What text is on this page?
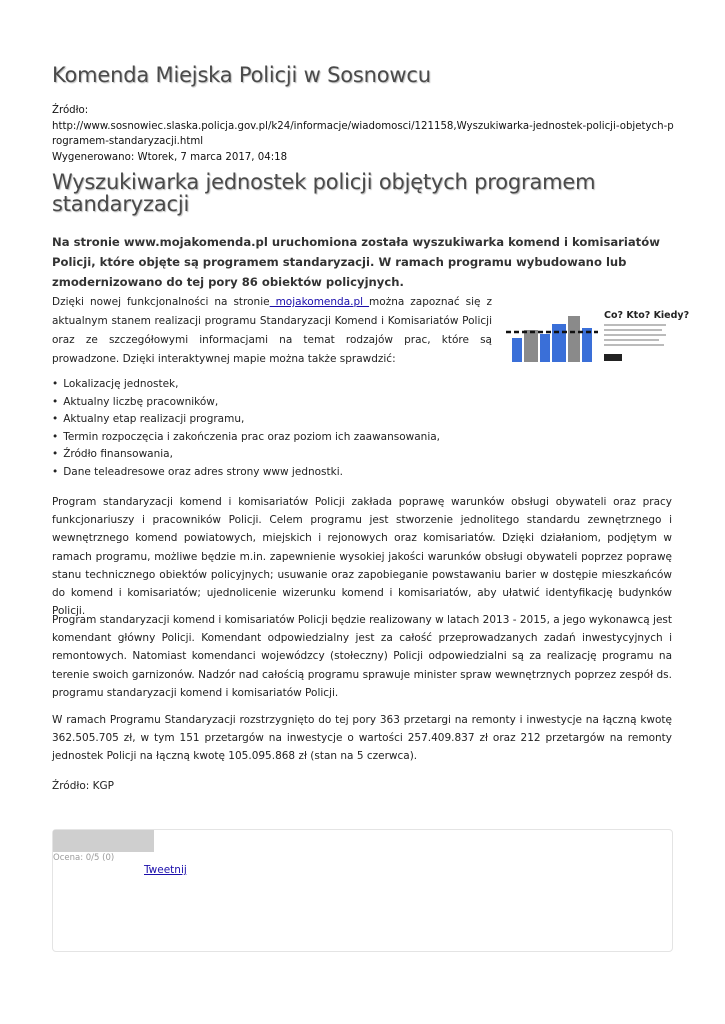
Komenda Miejska Policji w Sosnowcu
Źródło:
http://www.sosnowiec.slaska.policja.gov.pl/k24/informacje/wiadomosci/121158,Wyszukiwarka-jednostek-policji-objetych-programem-standaryzacji.html
Wygenerowano: Wtorek, 7 marca 2017, 04:18
Wyszukiwarka jednostek policji objętych programem standaryzacji

Na stronie www.mojakomenda.pl uruchomiona została wyszukiwarka komend i komisariatów Policji, które objęte są programem standaryzacji. W ramach programu wybudowano lub zmodernizowano do tej pory 86 obiektów policyjnych.

Co? Kto? Kiedy?

Dzięki nowej funkcjonalności na stronie mojakomenda.pl można zapoznać się z aktualnym stanem realizacji programu Standaryzacji Komend i Komisariatów Policji oraz ze szczegółowymi informacjami na temat rodzajów prac, które są prowadzone. Dzięki interaktywnej mapie można także sprawdzić:

• Lokalizację jednostek,
• Aktualny liczbę pracowników,
• Aktualny etap realizacji programu,
• Termin rozpoczęcia i zakończenia prac oraz poziom ich zaawansowania,
• Źródło finansowania,
• Dane teleadresowe oraz adres strony www jednostki.

Program standaryzacji komend i komisariatów Policji zakłada poprawę warunków obsługi obywateli oraz pracy funkcjonariuszy i pracowników Policji. Celem programu jest stworzenie jednolitego standardu zewnętrznego i wewnętrznego komend powiatowych, miejskich i rejonowych oraz komisariatów. Dzięki działaniom, podjętym w ramach programu, możliwe będzie m.in. zapewnienie wysokiej jakości warunków obsługi obywateli poprzez poprawę stanu technicznego obiektów policyjnych; usuwanie oraz zapobieganie powstawaniu barier w dostępie mieszkańców do komend i komisariatów; ujednolicenie wizerunku komend i komisariatów, aby ułatwić identyfikację budynków Policji.

Program standaryzacji komend i komisariatów Policji będzie realizowany w latach 2013 - 2015, a jego wykonawcą jest komendant główny Policji. Komendant odpowiedzialny jest za całość przeprowadzanych zadań inwestycyjnych i remontowych. Natomiast komendanci wojewódzcy (stołeczny) Policji odpowiedzialni są za realizację programu na terenie swoich garnizonów. Nadzór nad całością programu sprawuje minister spraw wewnętrznych poprzez zespół ds. programu standaryzacji komend i komisariatów Policji.

W ramach Programu Standaryzacji rozstrzygnięto do tej pory 363 przetargi na remonty i inwestycje na łączną kwotę 362.505.705 zł, w tym 151 przetargów na inwestycje o wartości 257.409.837 zł oraz 212 przetargów na remonty jednostek Policji na łączną kwotę 105.095.868 zł (stan na 5 czerwca).

Źródło: KGP

Ocena: 0/5 (0)
Tweetnij
